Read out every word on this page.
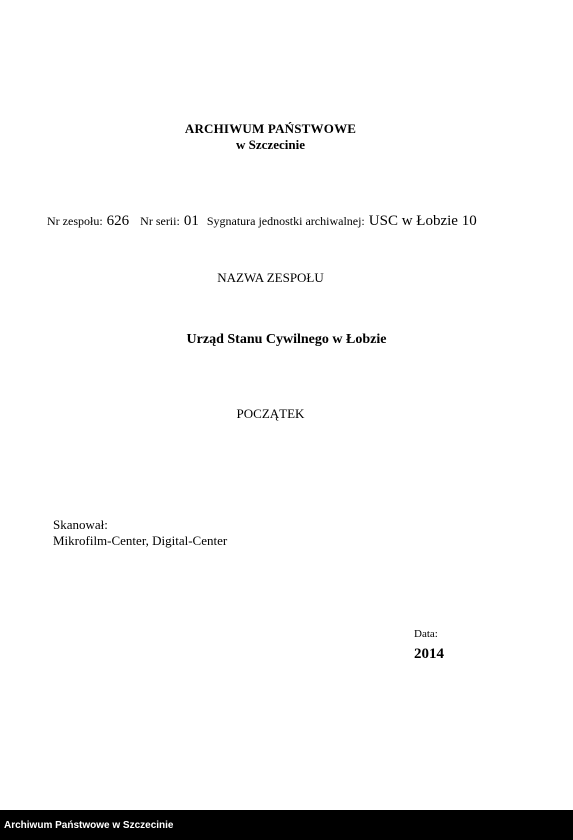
ARCHIWUM PAŃSTWOWE
w Szczecinie
Nr zespołu: 626 Nr serii: 01 Sygnatura jednostki archiwalnej: USC w Łobzie 10
NAZWA ZESPOŁU
Urząd Stanu Cywilnego w Łobzie
POCZĄTEK
Skanował:
Mikrofilm-Center, Digital-Center
Data:
2014
Archiwum Państwowe w Szczecinie
